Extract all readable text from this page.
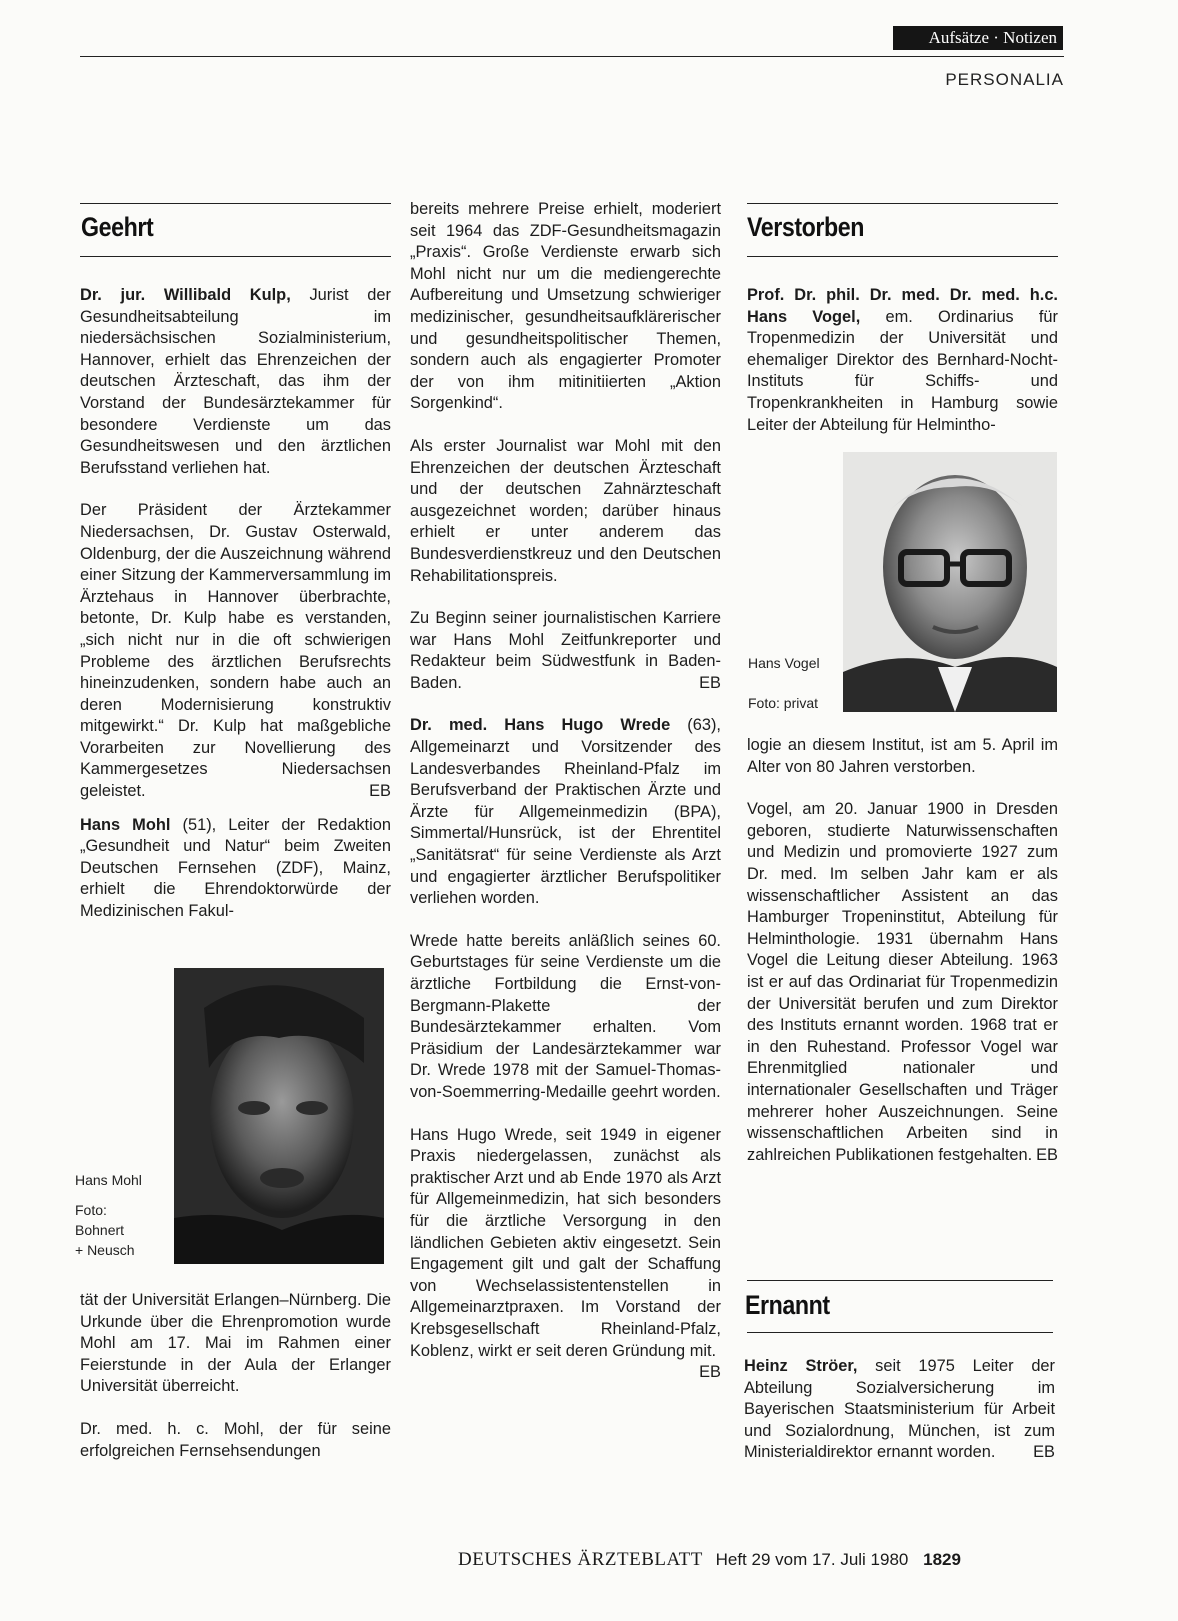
Aufsätze · Notizen
PERSONALIA
Geehrt

Dr. jur. Willibald Kulp, Jurist der Gesundheitsabteilung im niedersächsischen Sozialministerium, Hannover, erhielt das Ehrenzeichen der deutschen Ärzteschaft, das ihm der Vorstand der Bundesärztekammer für besondere Verdienste um das Gesundheitswesen und den ärztlichen Berufsstand verliehen hat.

Der Präsident der Ärztekammer Niedersachsen, Dr. Gustav Osterwald, Oldenburg, der die Auszeichnung während einer Sitzung der Kammerversammlung im Ärztehaus in Hannover überbrachte, betonte, Dr. Kulp habe es verstanden, „sich nicht nur in die oft schwierigen Probleme des ärztlichen Berufsrechts hineinzudenken, sondern habe auch an deren Modernisierung konstruktiv mitgewirkt.“ Dr. Kulp hat maßgebliche Vorarbeiten zur Novellierung des Kammergesetzes Niedersachsen geleistet.	EB

Hans Mohl (51), Leiter der Redaktion „Gesundheit und Natur“ beim Zweiten Deutschen Fernsehen (ZDF), Mainz, erhielt die Ehrendoktorwürde der Medizinischen Fakul-

Hans Mohl
Foto:
Bohnert
+ Neusch

tät der Universität Erlangen–Nürnberg. Die Urkunde über die Ehrenpromotion wurde Mohl am 17. Mai im Rahmen einer Feierstunde in der Aula der Erlanger Universität überreicht.

Dr. med. h. c. Mohl, der für seine erfolgreichen Fernsehsendungen

bereits mehrere Preise erhielt, moderiert seit 1964 das ZDF-Gesundheitsmagazin „Praxis“. Große Verdienste erwarb sich Mohl nicht nur um die mediengerechte Aufbereitung und Umsetzung schwieriger medizinischer, gesundheitsaufklärerischer und gesundheitspolitischer Themen, sondern auch als engagierter Promoter der von ihm mitinitiierten „Aktion Sorgenkind“.

Als erster Journalist war Mohl mit den Ehrenzeichen der deutschen Ärzteschaft und der deutschen Zahnärzteschaft ausgezeichnet worden; darüber hinaus erhielt er unter anderem das Bundesverdienstkreuz und den Deutschen Rehabilitationspreis.

Zu Beginn seiner journalistischen Karriere war Hans Mohl Zeitfunkreporter und Redakteur beim Südwestfunk in Baden-Baden.	EB

Dr. med. Hans Hugo Wrede (63), Allgemeinarzt und Vorsitzender des Landesverbandes Rheinland-Pfalz im Berufsverband der Praktischen Ärzte und Ärzte für Allgemeinmedizin (BPA), Simmertal/Hunsrück, ist der Ehrentitel „Sanitätsrat“ für seine Verdienste als Arzt und engagierter ärztlicher Berufspolitiker verliehen worden.

Wrede hatte bereits anläßlich seines 60. Geburtstages für seine Verdienste um die ärztliche Fortbildung die Ernst-von-Bergmann-Plakette der Bundesärztekammer erhalten. Vom Präsidium der Landesärztekammer war Dr. Wrede 1978 mit der Samuel-Thomas-von-Soemmerring-Medaille geehrt worden.

Hans Hugo Wrede, seit 1949 in eigener Praxis niedergelassen, zunächst als praktischer Arzt und ab Ende 1970 als Arzt für Allgemeinmedizin, hat sich besonders für die ärztliche Versorgung in den ländlichen Gebieten aktiv eingesetzt. Sein Engagement gilt und galt der Schaffung von Wechselassistentenstellen in Allgemeinarztpraxen. Im Vorstand der Krebsgesellschaft Rheinland-Pfalz, Koblenz, wirkt er seit deren Gründung mit.
EB

Verstorben

Prof. Dr. phil. Dr. med. Dr. med. h.c. Hans Vogel, em. Ordinarius für Tropenmedizin der Universität und ehemaliger Direktor des Bernhard-Nocht-Instituts für Schiffs- und Tropenkrankheiten in Hamburg sowie Leiter der Abteilung für Helmintho-

Hans Vogel
Foto: privat

logie an diesem Institut, ist am 5. April im Alter von 80 Jahren verstorben.

Vogel, am 20. Januar 1900 in Dresden geboren, studierte Naturwissenschaften und Medizin und promovierte 1927 zum Dr. med. Im selben Jahr kam er als wissenschaftlicher Assistent an das Hamburger Tropeninstitut, Abteilung für Helminthologie. 1931 übernahm Hans Vogel die Leitung dieser Abteilung. 1963 ist er auf das Ordinariat für Tropenmedizin der Universität berufen und zum Direktor des Instituts ernannt worden. 1968 trat er in den Ruhestand. Professor Vogel war Ehrenmitglied nationaler und internationaler Gesellschaften und Träger mehrerer hoher Auszeichnungen. Seine wissenschaftlichen Arbeiten sind in zahlreichen Publikationen festgehalten. EB

Ernannt

Heinz Ströer, seit 1975 Leiter der Abteilung Sozialversicherung im Bayerischen Staatsministerium für Arbeit und Sozialordnung, München, ist zum Ministerialdirektor ernannt worden. EB

DEUTSCHES ÄRZTEBLATT Heft 29 vom 17. Juli 1980 1829
